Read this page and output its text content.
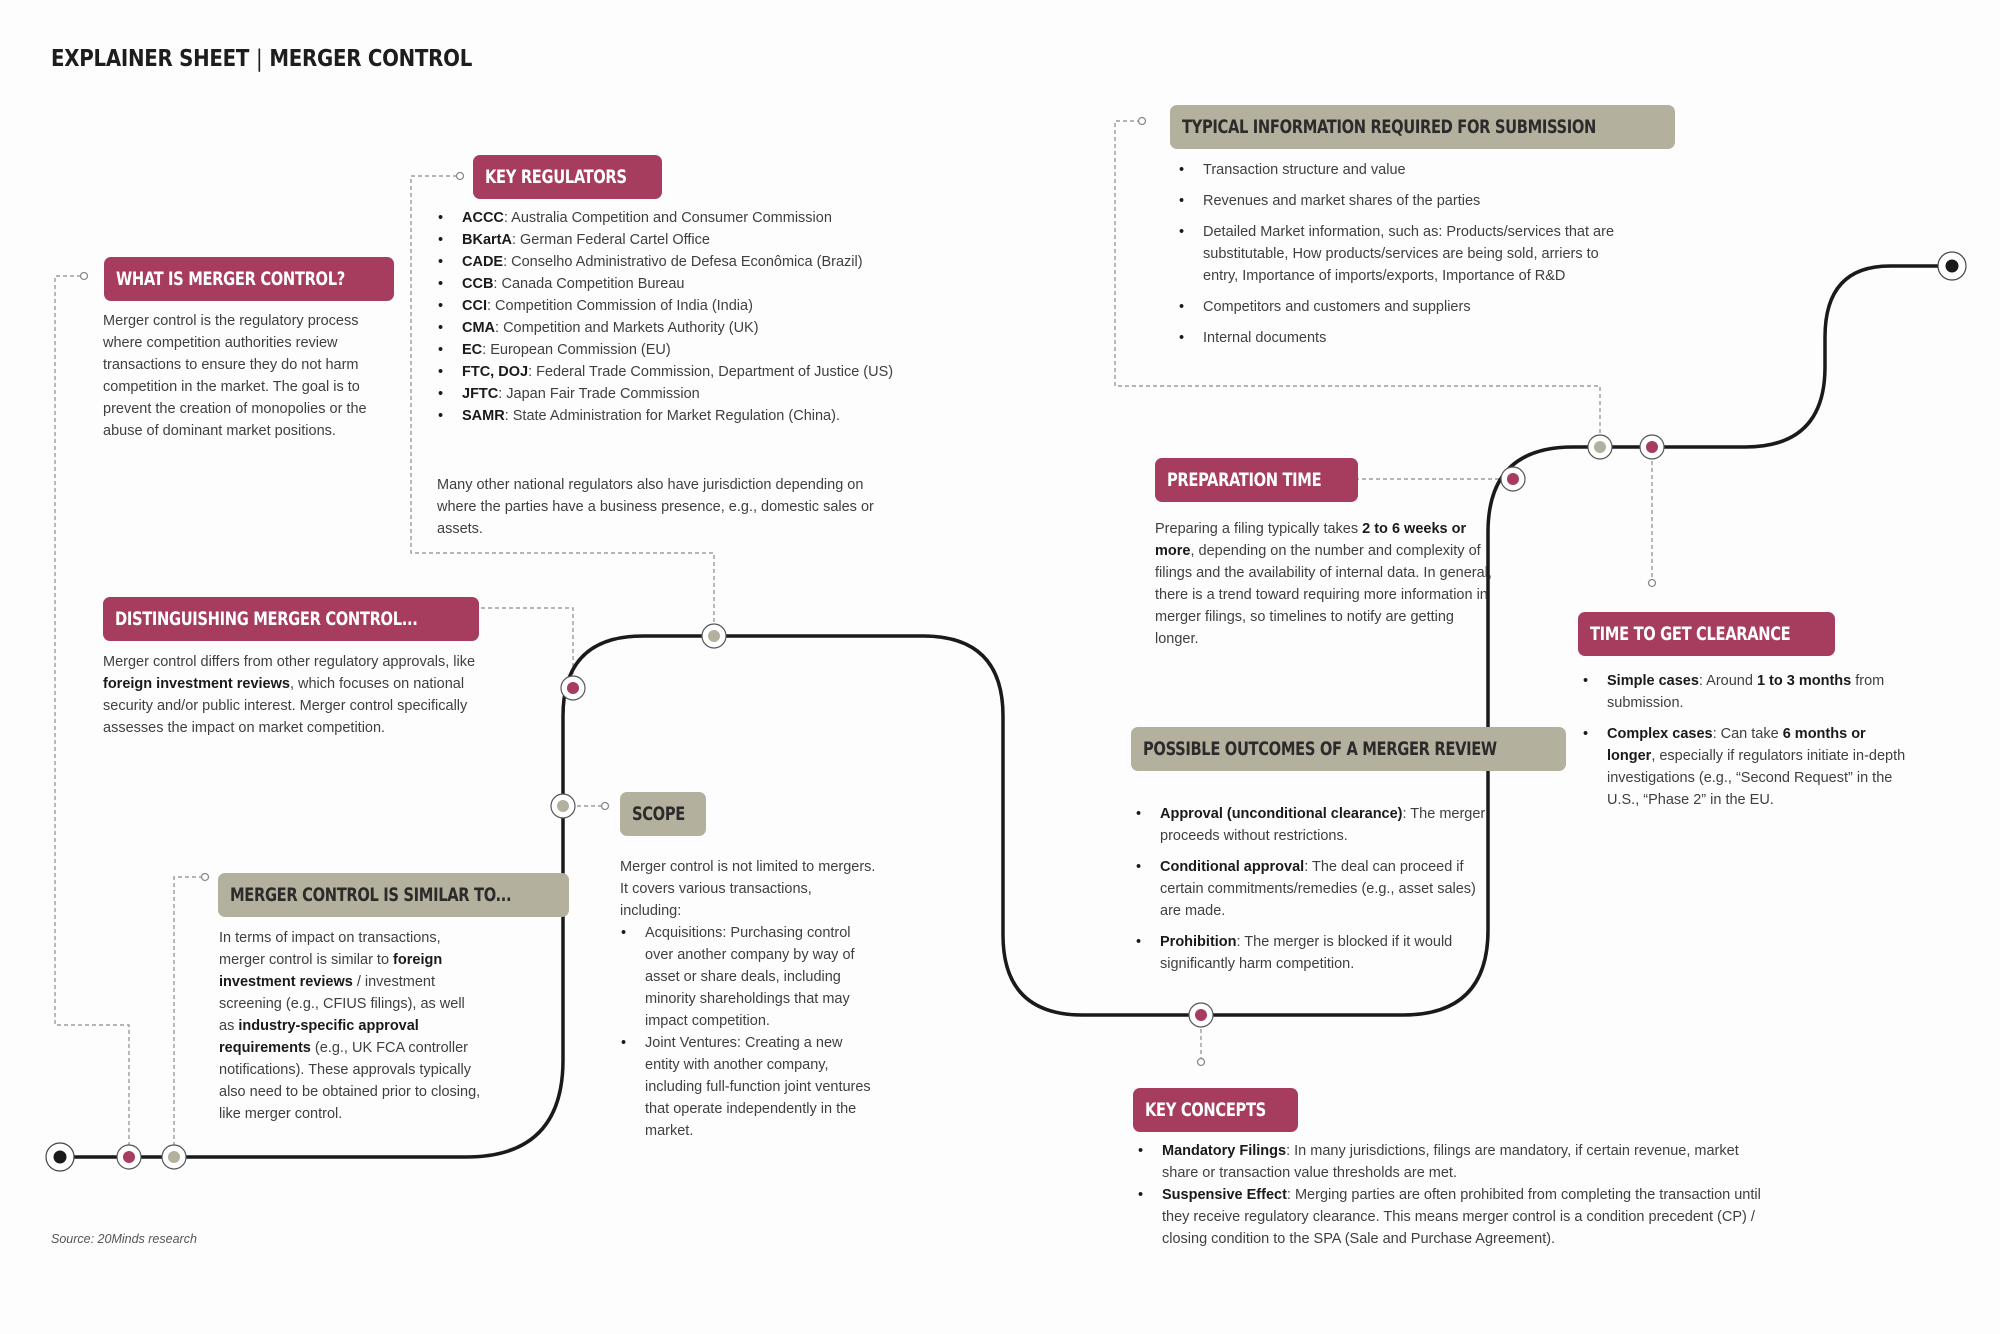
EXPLAINER SHEET | MERGER CONTROL
WHAT IS MERGER CONTROL?
Merger control is the regulatory process where competition authorities review transactions to ensure they do not harm competition in the market. The goal is to prevent the creation of monopolies or the abuse of dominant market positions.
KEY REGULATORS
• ACCC: Australia Competition and Consumer Commission
• BKartA: German Federal Cartel Office
• CADE: Conselho Administrativo de Defesa Econômica (Brazil)
• CCB: Canada Competition Bureau
• CCI: Competition Commission of India (India)
• CMA: Competition and Markets Authority (UK)
• EC: European Commission (EU)
• FTC, DOJ: Federal Trade Commission, Department of Justice (US)
• JFTC: Japan Fair Trade Commission
• SAMR: State Administration for Market Regulation (China).
Many other national regulators also have jurisdiction depending on where the parties have a business presence, e.g., domestic sales or assets.
DISTINGUISHING MERGER CONTROL...
Merger control differs from other regulatory approvals, like foreign investment reviews, which focuses on national security and/or public interest. Merger control specifically assesses the impact on market competition.
MERGER CONTROL IS SIMILAR TO...
In terms of impact on transactions, merger control is similar to foreign investment reviews / investment screening (e.g., CFIUS filings), as well as industry-specific approval requirements (e.g., UK FCA controller notifications). These approvals typically also need to be obtained prior to closing, like merger control.
SCOPE
Merger control is not limited to mergers. It covers various transactions, including:
• Acquisitions: Purchasing control over another company by way of asset or share deals, including minority shareholdings that may impact competition.
• Joint Ventures: Creating a new entity with another company, including full-function joint ventures that operate independently in the market.
TYPICAL INFORMATION REQUIRED FOR SUBMISSION
• Transaction structure and value
• Revenues and market shares of the parties
• Detailed Market information, such as: Products/services that are substitutable, How products/services are being sold, arriers to entry, Importance of imports/exports, Importance of R&D
• Competitors and customers and suppliers
• Internal documents
PREPARATION TIME
Preparing a filing typically takes 2 to 6 weeks or more, depending on the number and complexity of filings and the availability of internal data. In general, there is a trend toward requiring more information in merger filings, so timelines to notify are getting longer.
POSSIBLE OUTCOMES OF A MERGER REVIEW
• Approval (unconditional clearance): The merger proceeds without restrictions.
• Conditional approval: The deal can proceed if certain commitments/remedies (e.g., asset sales) are made.
• Prohibition: The merger is blocked if it would significantly harm competition.
TIME TO GET CLEARANCE
• Simple cases: Around 1 to 3 months from submission.
• Complex cases: Can take 6 months or longer, especially if regulators initiate in-depth investigations (e.g., “Second Request” in the U.S., “Phase 2” in the EU.
KEY CONCEPTS
• Mandatory Filings: In many jurisdictions, filings are mandatory, if certain revenue, market share or transaction value thresholds are met.
• Suspensive Effect: Merging parties are often prohibited from completing the transaction until they receive regulatory clearance. This means merger control is a condition precedent (CP) / closing condition to the SPA (Sale and Purchase Agreement).
Source: 20Minds research
